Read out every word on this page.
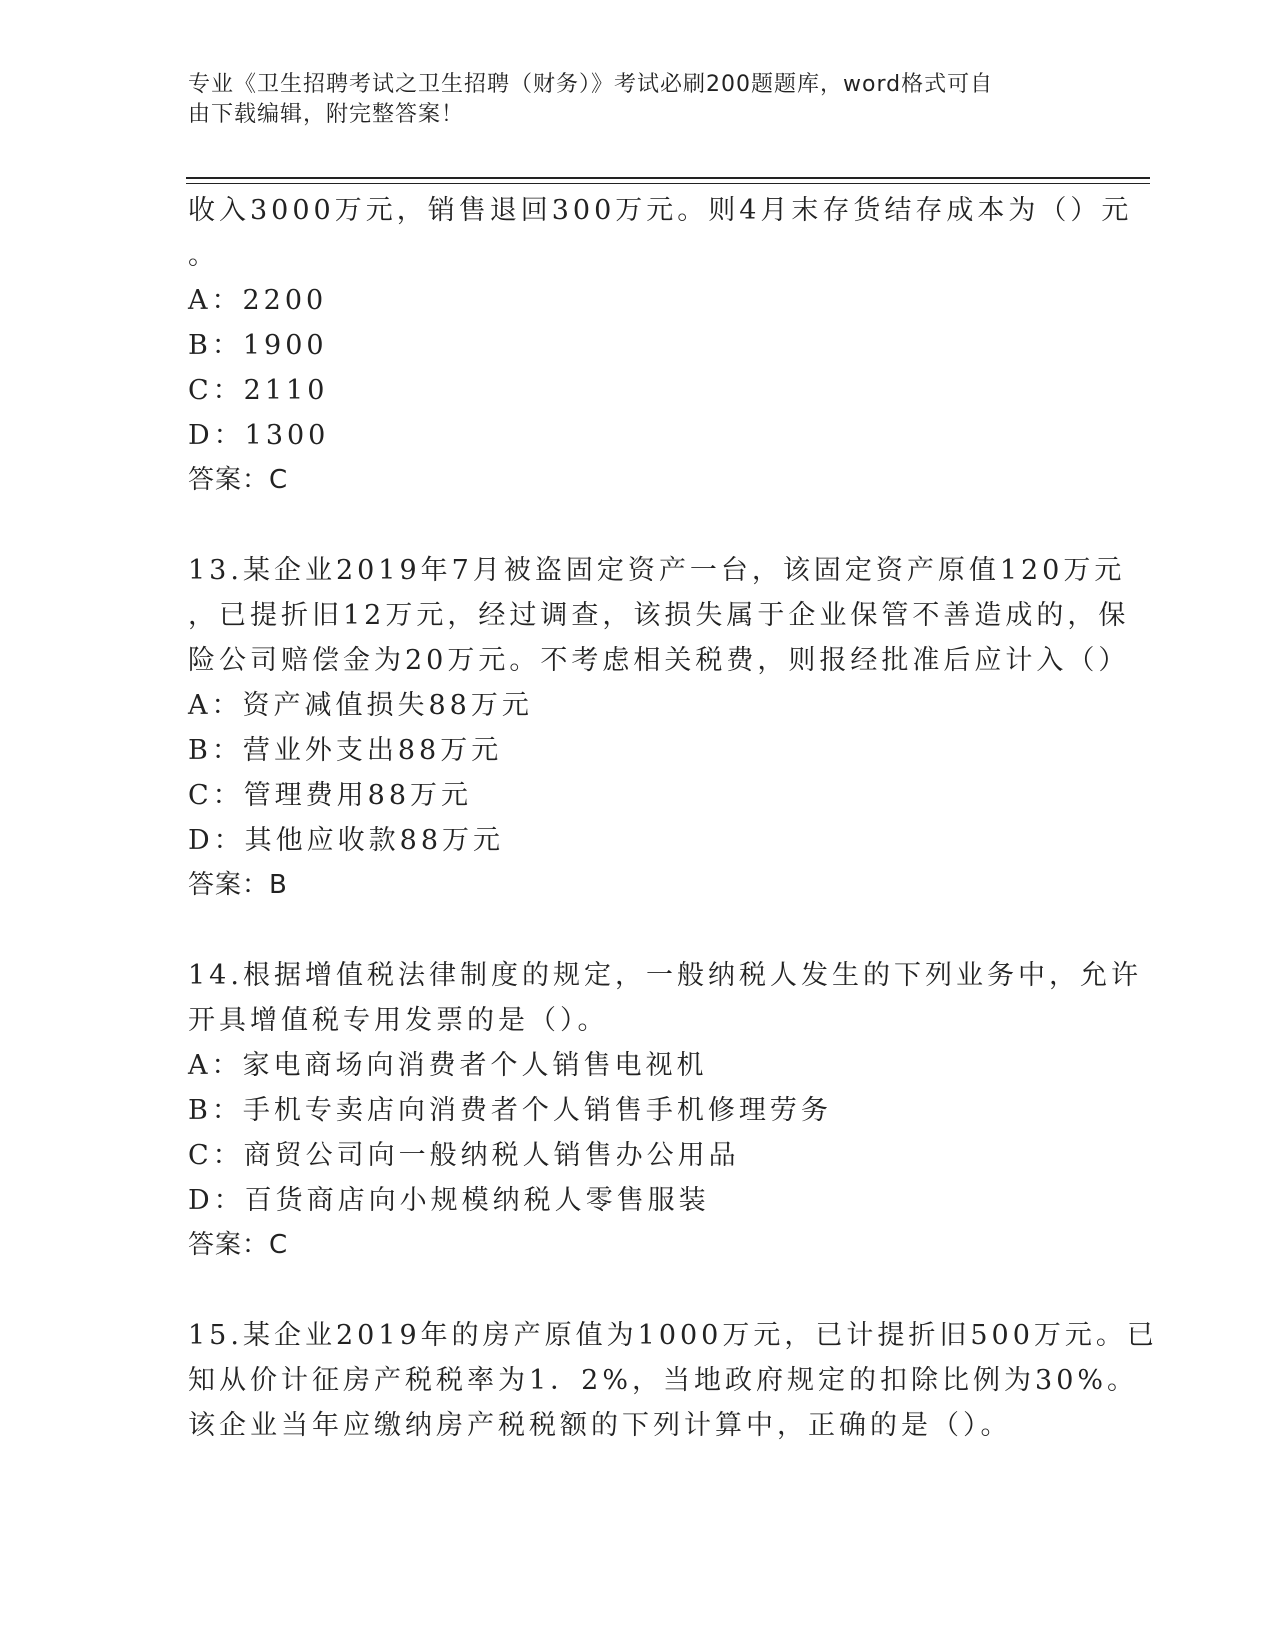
专业《卫生招聘考试之卫生招聘（财务）》考试必刷200题题库，word格式可自
由下载编辑，附完整答案！
收入3000万元，销售退回300万元。则4月末存货结存成本为（）元
。
A：2200
B：1900
C：2110
D：1300
答案：C
13.某企业2019年7月被盗固定资产一台，该固定资产原值120万元
，已提折旧12万元，经过调查，该损失属于企业保管不善造成的，保
险公司赔偿金为20万元。不考虑相关税费，则报经批准后应计入（）
A：资产减值损失88万元
B：营业外支出88万元
C：管理费用88万元
D：其他应收款88万元
答案：B
14.根据增值税法律制度的规定，一般纳税人发生的下列业务中，允许
开具增值税专用发票的是（）。
A：家电商场向消费者个人销售电视机
B：手机专卖店向消费者个人销售手机修理劳务
C：商贸公司向一般纳税人销售办公用品
D：百货商店向小规模纳税人零售服装
答案：C
15.某企业2019年的房产原值为1000万元，已计提折旧500万元。已
知从价计征房产税税率为1．2%，当地政府规定的扣除比例为30%。
该企业当年应缴纳房产税税额的下列计算中，正确的是（）。
